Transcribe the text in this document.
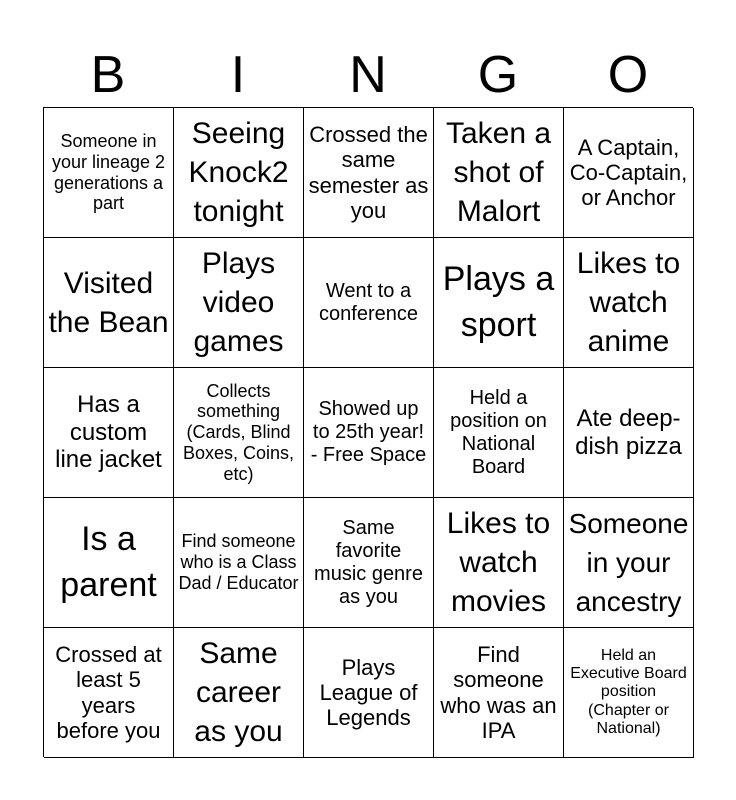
B	I	N	G	O
Someone in your lineage 2 generations a part
Seeing Knock2 tonight
Crossed the same semester as you
Taken a shot of Malort
A Captain, Co-Captain, or Anchor
Visited the Bean
Plays video games
Went to a conference
Plays a sport
Likes to watch anime
Has a custom line jacket
Collects something (Cards, Blind Boxes, Coins, etc)
Showed up to 25th year! - Free Space
Held a position on National Board
Ate deep-dish pizza
Is a parent
Find someone who is a Class Dad / Educator
Same favorite music genre as you
Likes to watch movies
Someone in your ancestry
Crossed at least 5 years before you
Same career as you
Plays League of Legends
Find someone who was an IPA
Held an Executive Board position (Chapter or National)
